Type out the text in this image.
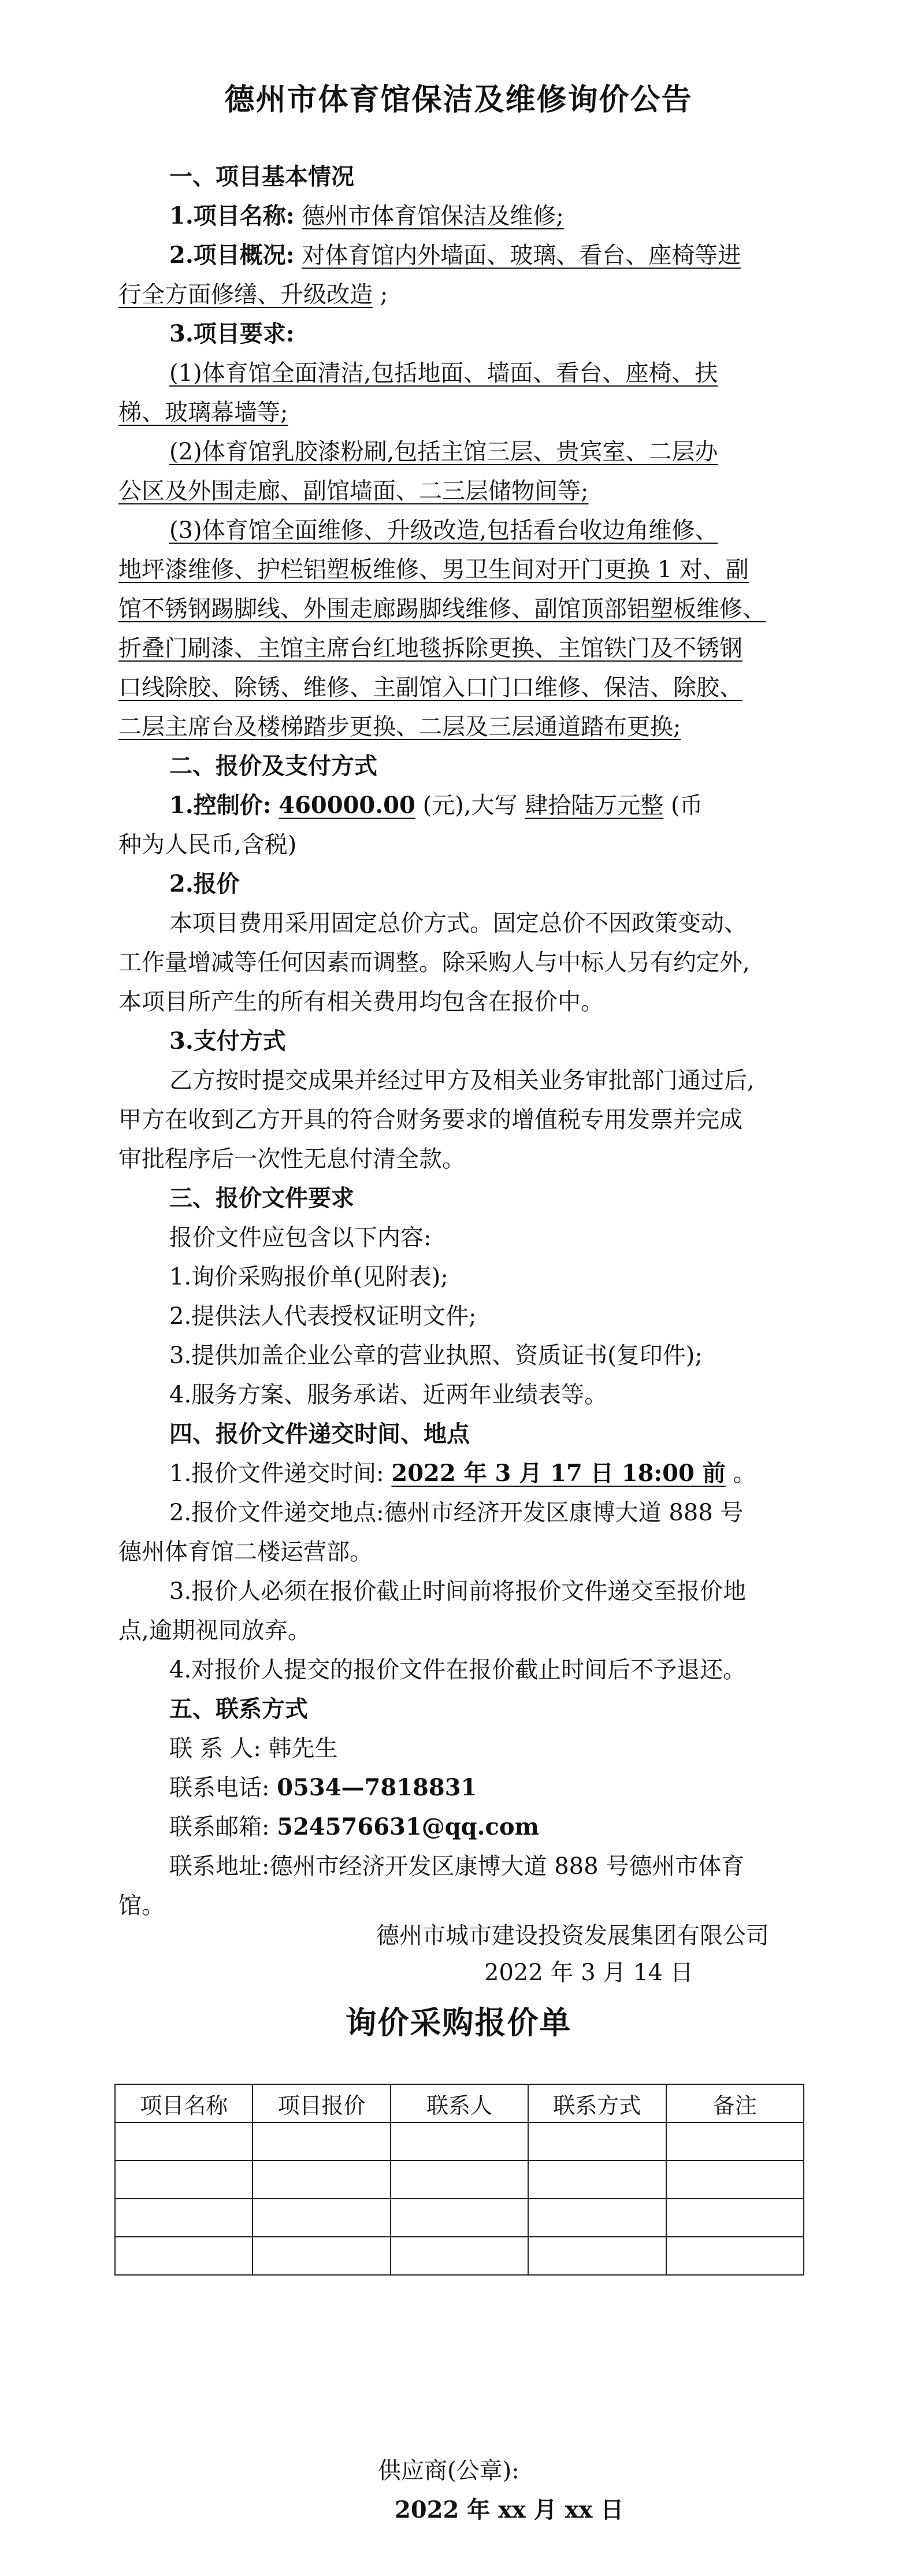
德州市体育馆保洁及维修询价公告
一、项目基本情况
1.项目名称: 德州市体育馆保洁及维修;
2.项目概况: 对体育馆内外墙面、玻璃、看台、座椅等进
行全方面修缮、升级改造 ;
3.项目要求:
(1)体育馆全面清洁,包括地面、墙面、看台、座椅、扶
梯、玻璃幕墙等;
(2)体育馆乳胶漆粉刷,包括主馆三层、贵宾室、二层办
公区及外围走廊、副馆墙面、二三层储物间等;
(3)体育馆全面维修、升级改造,包括看台收边角维修、
地坪漆维修、护栏铝塑板维修、男卫生间对开门更换 1 对、副
馆不锈钢踢脚线、外围走廊踢脚线维修、副馆顶部铝塑板维修、
折叠门刷漆、主馆主席台红地毯拆除更换、主馆铁门及不锈钢
口线除胶、除锈、维修、主副馆入口门口维修、保洁、除胶、
二层主席台及楼梯踏步更换、二层及三层通道踏布更换;
二、报价及支付方式
1.控制价: 460000.00 (元),大写 肆拾陆万元整 (币
种为人民币,含税)
2.报价
本项目费用采用固定总价方式。固定总价不因政策变动、
工作量增减等任何因素而调整。除采购人与中标人另有约定外,
本项目所产生的所有相关费用均包含在报价中。
3.支付方式
乙方按时提交成果并经过甲方及相关业务审批部门通过后,
甲方在收到乙方开具的符合财务要求的增值税专用发票并完成
审批程序后一次性无息付清全款。
三、报价文件要求
报价文件应包含以下内容:
1.询价采购报价单(见附表);
2.提供法人代表授权证明文件;
3.提供加盖企业公章的营业执照、资质证书(复印件);
4.服务方案、服务承诺、近两年业绩表等。
四、报价文件递交时间、地点
1.报价文件递交时间: 2022 年 3 月 17 日 18:00 前 。
2.报价文件递交地点:德州市经济开发区康博大道 888 号
德州体育馆二楼运营部。
3.报价人必须在报价截止时间前将报价文件递交至报价地
点,逾期视同放弃。
4.对报价人提交的报价文件在报价截止时间后不予退还。
五、联系方式
联 系 人: 韩先生
联系电话: 0534—7818831
联系邮箱: 524576631@qq.com
联系地址:德州市经济开发区康博大道 888 号德州市体育
馆。
德州市城市建设投资发展集团有限公司
2022 年 3 月 14 日
询价采购报价单
项目名称	项目报价	联系人	联系方式	备注

供应商(公章):
2022 年 xx 月 xx 日
